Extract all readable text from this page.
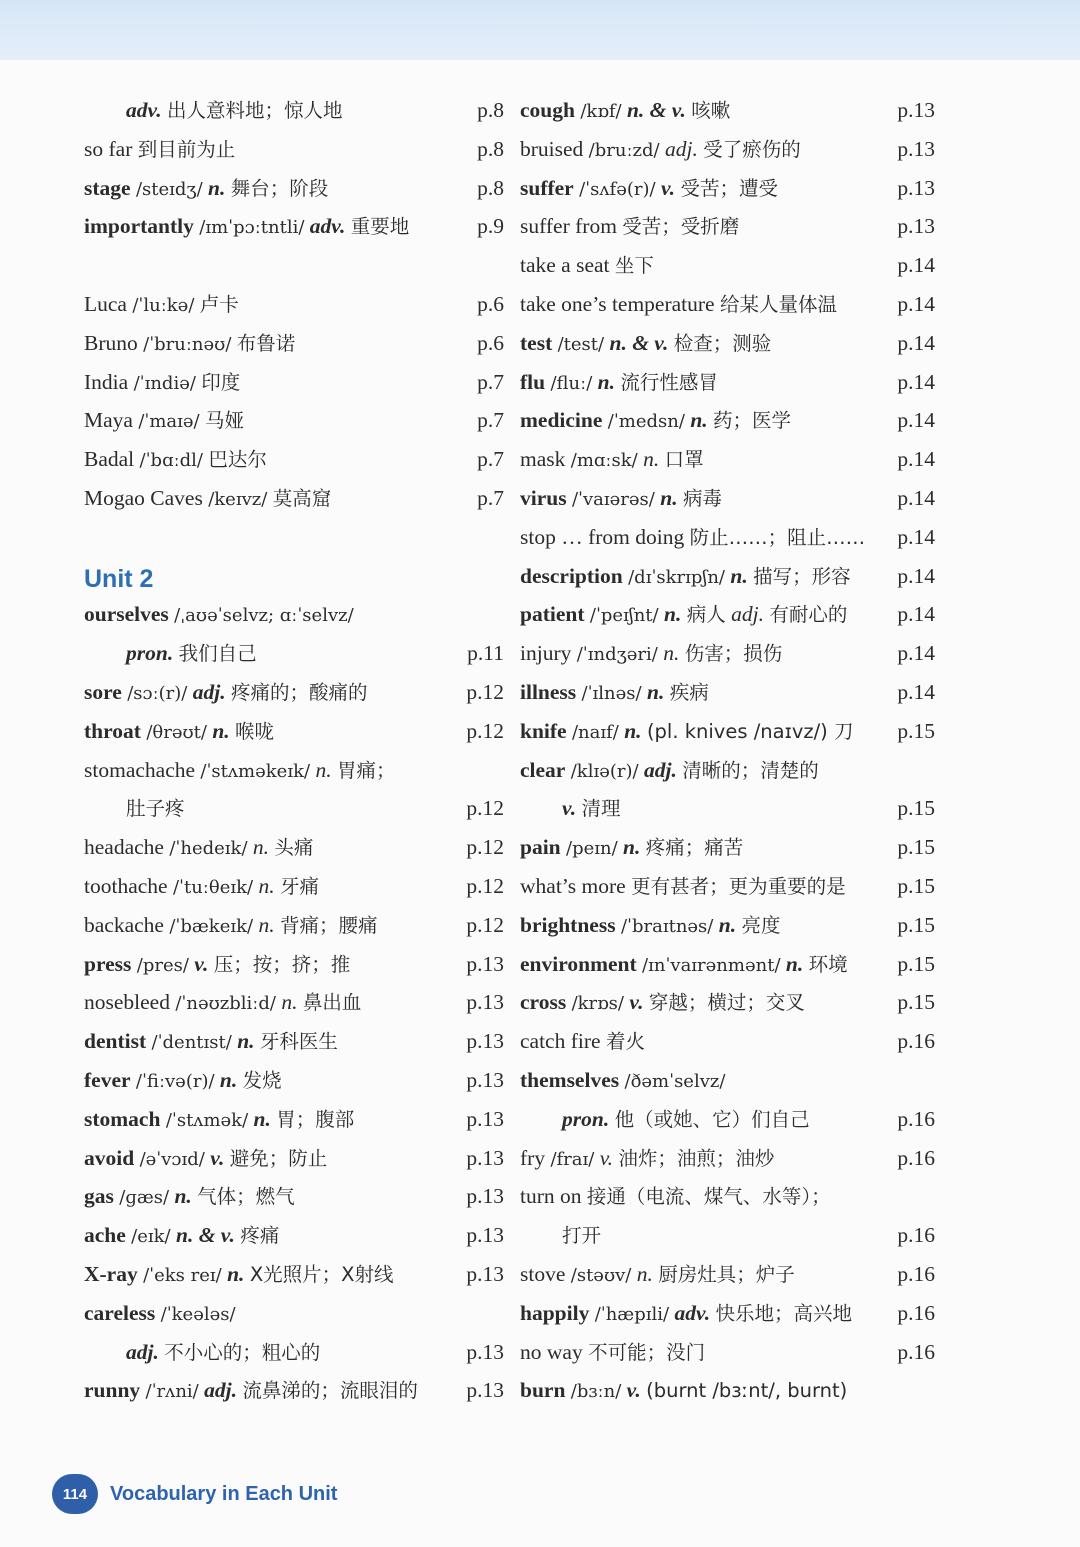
adv. 出人意料地；惊人地	p.8
so far 到目前为止	p.8
stage /steɪdʒ/ n. 舞台；阶段	p.8
importantly /ɪmˈpɔːtntli/ adv. 重要地	p.9
Luca /ˈluːkə/ 卢卡	p.6
Bruno /ˈbruːnəʊ/ 布鲁诺	p.6
India /ˈɪndiə/ 印度	p.7
Maya /ˈmaɪə/ 马娅	p.7
Badal /ˈbɑːdl/ 巴达尔	p.7
Mogao Caves /keɪvz/ 莫高窟	p.7
Unit 2
ourselves /ˌaʊəˈselvz; ɑːˈselvz/
pron. 我们自己	p.11
sore /sɔː(r)/ adj. 疼痛的；酸痛的	p.12
throat /θrəʊt/ n. 喉咙	p.12
stomachache /ˈstʌməkeɪk/ n. 胃痛；
肚子疼	p.12
headache /ˈhedeɪk/ n. 头痛	p.12
toothache /ˈtuːθeɪk/ n. 牙痛	p.12
backache /ˈbækeɪk/ n. 背痛；腰痛	p.12
press /pres/ v. 压；按；挤；推	p.13
nosebleed /ˈnəʊzbliːd/ n. 鼻出血	p.13
dentist /ˈdentɪst/ n. 牙科医生	p.13
fever /ˈfiːvə(r)/ n. 发烧	p.13
stomach /ˈstʌmək/ n. 胃；腹部	p.13
avoid /əˈvɔɪd/ v. 避免；防止	p.13
gas /ɡæs/ n. 气体；燃气	p.13
ache /eɪk/ n. & v. 疼痛	p.13
X-ray /ˈeks reɪ/ n. X光照片；X射线	p.13
careless /ˈkeələs/
adj. 不小心的；粗心的	p.13
runny /ˈrʌni/ adj. 流鼻涕的；流眼泪的 p.13
cough /kɒf/ n. & v. 咳嗽	p.13
bruised /bruːzd/ adj. 受了瘀伤的	p.13
suffer /ˈsʌfə(r)/ v. 受苦；遭受	p.13
suffer from 受苦；受折磨	p.13
take a seat 坐下	p.14
take one’s temperature 给某人量体温	p.14
test /test/ n. & v. 检查；测验	p.14
flu /fluː/ n. 流行性感冒	p.14
medicine /ˈmedsn/ n. 药；医学	p.14
mask /mɑːsk/ n. 口罩	p.14
virus /ˈvaɪərəs/ n. 病毒	p.14
stop … from doing 防止……；阻止…… p.14
description /dɪˈskrɪpʃn/ n. 描写；形容 p.14
patient /ˈpeɪʃnt/ n. 病人 adj. 有耐心的 p.14
injury /ˈɪndʒəri/ n. 伤害；损伤	p.14
illness /ˈɪlnəs/ n. 疾病	p.14
knife /naɪf/ n. (pl. knives /naɪvz/) 刀 p.15
clear /klɪə(r)/ adj. 清晰的；清楚的
v. 清理	p.15
pain /peɪn/ n. 疼痛；痛苦	p.15
what’s more 更有甚者；更为重要的是 p.15
brightness /ˈbraɪtnəs/ n. 亮度	p.15
environment /ɪnˈvaɪrənmənt/ n. 环境 p.15
cross /krɒs/ v. 穿越；横过；交叉	p.15
catch fire 着火	p.16
themselves /ðəmˈselvz/
pron. 他（或她、它）们自己	p.16
fry /fraɪ/ v. 油炸；油煎；油炒	p.16
turn on 接通（电流、煤气、水等）；
打开	p.16
stove /stəʊv/ n. 厨房灶具；炉子	p.16
happily /ˈhæpɪli/ adv. 快乐地；高兴地 p.16
no way 不可能；没门	p.16
burn /bɜːn/ v. (burnt /bɜːnt/, burnt)
114	Vocabulary in Each Unit
